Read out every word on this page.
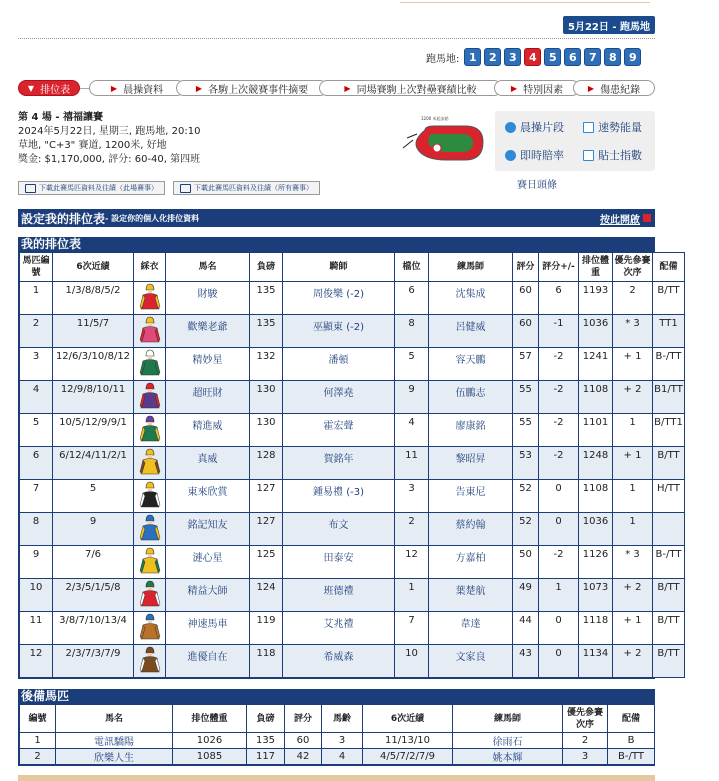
5月22日 - 跑馬地
跑馬地: 1	2	3	4	5	6	7	8	9
▼ 排位表	▶ 晨操資料	▶ 各駒上次競賽事件摘要	▶ 同場賽駒上次對壘賽績比較	▶ 特別因素	▶ 傷患紀錄
第 4 場 - 禧福讓賽
2024年5月22日, 星期三, 跑馬地, 20:10
草地, "C+3" 賽道, 1200米, 好地
獎金: $1,170,000, 評分: 60-40, 第四班
下載此賽馬匹資料及往績（此場賽事）	下載此賽馬匹資料及往績（所有賽事）
1200 米起步點
晨操片段	速勢能量
即時賠率	貼士指數
賽日頭條
設定我的排位表 - 設定你的個人化排位資料	按此開啟
我的排位表
馬匹編號	6次近績	綵衣	馬名	負磅	騎師	檔位	練馬師	評分	評分+/-	排位體重	優先參賽次序	配備
1	1/3/8/8/5/2		財駿	135	周俊樂 (-2)	6	沈集成	60	6	1193	2	B/TT
2	11/5/7		歡樂老爺	135	巫顯東 (-2)	8	呂健威	60	-1	1036	* 3	TT1
3	12/6/3/10/8/12		精妙星	132	潘頓	5	容天鵬	57	-2	1241	+ 1	B-/TT
4	12/9/8/10/11		超旺財	130	何澤堯	9	伍鵬志	55	-2	1108	+ 2	B1/TT
5	10/5/12/9/9/1		精進威	130	霍宏聲	4	廖康銘	55	-2	1101	1	B/TT1
6	6/12/4/11/2/1		真威	128	賀銘年	11	黎昭昇	53	-2	1248	+ 1	B/TT
7	5		東來欣賞	127	鍾易禮 (-3)	3	告東尼	52	0	1108	1	H/TT
8	9		銘記知友	127	布文	2	蔡約翰	52	0	1036	1	
9	7/6		漣心星	125	田泰安	12	方嘉柏	50	-2	1126	* 3	B-/TT
10	2/3/5/1/5/8		精益大師	124	班德禮	1	葉楚航	49	1	1073	+ 2	B/TT
11	3/8/7/10/13/4		神速馬車	119	艾兆禮	7	韋達	44	0	1118	+ 1	B/TT
12	2/3/7/3/7/9		進優自在	118	希威森	10	文家良	43	0	1134	+ 2	B/TT
後備馬匹
編號	馬名	排位體重	負磅	評分	馬齡	6次近績	練馬師	優先參賽次序	配備
1	電訊驕陽	1026	135	60	3	11/13/10	徐雨石	2	B
2	欣樂人生	1085	117	42	4	4/5/7/2/7/9	姚本輝	3	B-/TT
